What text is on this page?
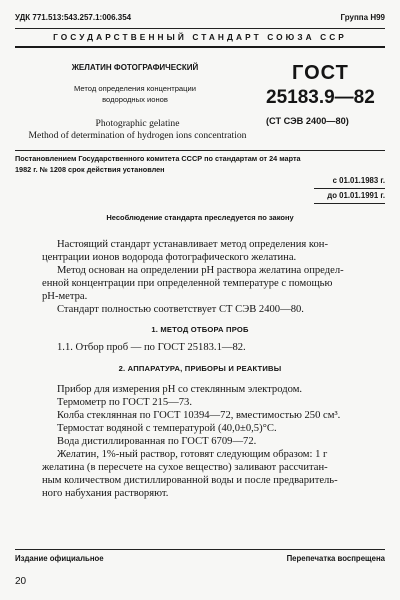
УДК 771.513:543.257.1:006.354	Группа Н99
ГОСУДАРСТВЕННЫЙ СТАНДАРТ СОЮЗА ССР
ЖЕЛАТИН ФОТОГРАФИЧЕСКИЙ
Метод определения концентрации
водородных ионов
Photographic gelatine
Method of determination of hydrogen ions concentration
ГОСТ
25183.9—82
(СТ СЭВ 2400—80)
Постановлением Государственного комитета СССР по стандартам от 24 марта
1982 г. № 1208 срок действия установлен
с 01.01.1983 г.
до 01.01.1991 г.
Несоблюдение стандарта преследуется по закону
Настоящий стандарт устанавливает метод определения кон-
центрации ионов водорода фотографического желатина.
Метод основан на определении pH раствора желатина определ-
енной концентрации при определенной температуре с помощью
pH-метра.
Стандарт полностью соответствует СТ СЭВ 2400—80.
1. МЕТОД ОТБОРА ПРОБ
1.1. Отбор проб — по ГОСТ 25183.1—82.
2. АППАРАТУРА, ПРИБОРЫ И РЕАКТИВЫ
Прибор для измерения pH со стеклянным электродом.
Термометр по ГОСТ 215—73.
Колба стеклянная по ГОСТ 10394—72, вместимостью 250 см³.
Термостат водяной с температурой (40,0±0,5)°С.
Вода дистиллированная по ГОСТ 6709—72.
Желатин, 1%-ный раствор, готовят следующим образом: 1 г
желатина (в пересчете на сухое вещество) заливают рассчитан-
ным количеством дистиллированной воды и после предваритель-
ного набухания растворяют.
Издание официальное	Перепечатка воспрещена
20
